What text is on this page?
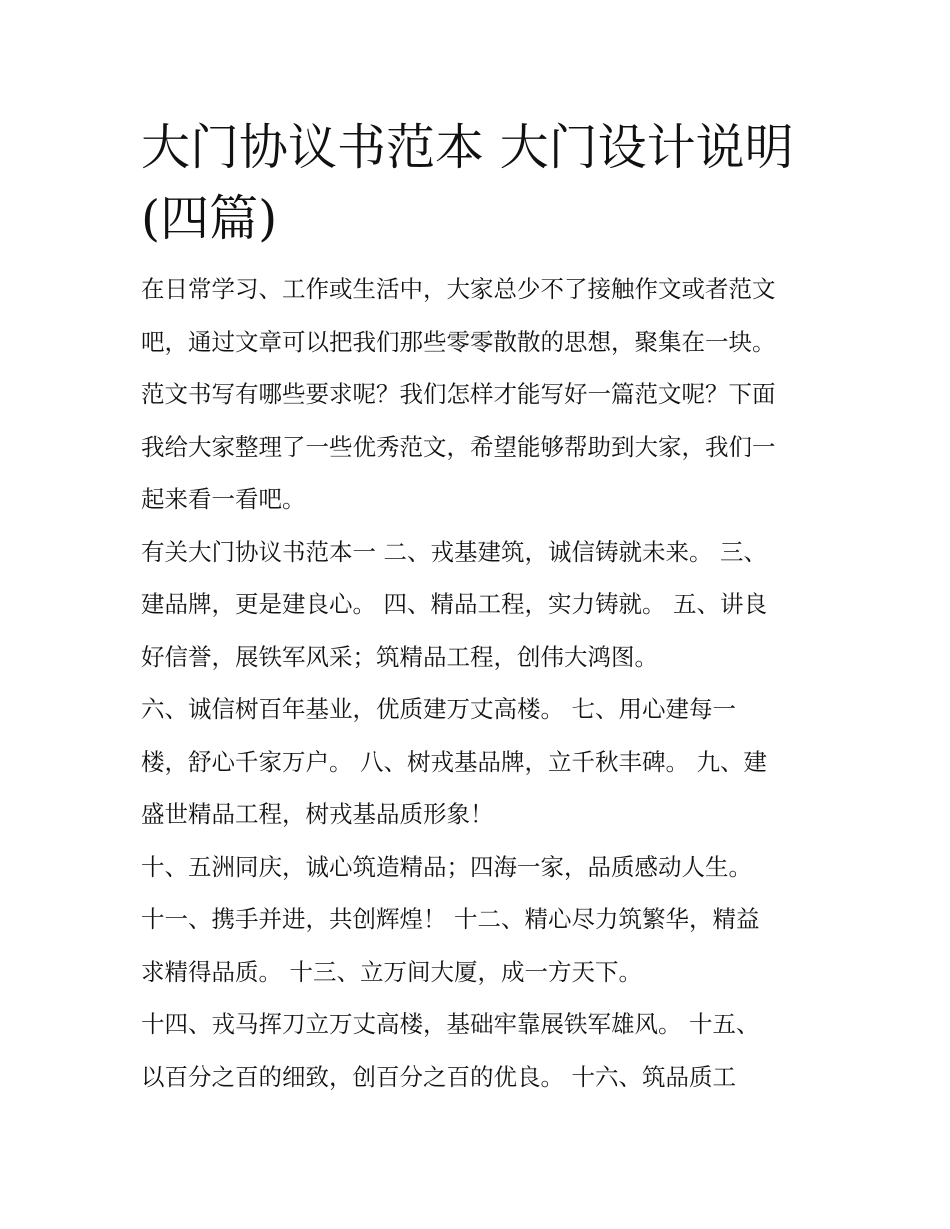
大门协议书范本 大门设计说明
(四篇)
在日常学习、工作或生活中，大家总少不了接触作文或者范文
吧，通过文章可以把我们那些零零散散的思想，聚集在一块。
范文书写有哪些要求呢？我们怎样才能写好一篇范文呢？下面
我给大家整理了一些优秀范文，希望能够帮助到大家，我们一
起来看一看吧。
有关大门协议书范本一 二、戎基建筑，诚信铸就未来。 三、
建品牌，更是建良心。 四、精品工程，实力铸就。 五、讲良
好信誉，展铁军风采；筑精品工程，创伟大鸿图。
六、诚信树百年基业，优质建万丈高楼。 七、用心建每一
楼，舒心千家万户。 八、树戎基品牌，立千秋丰碑。 九、建
盛世精品工程，树戎基品质形象！
十、五洲同庆，诚心筑造精品；四海一家，品质感动人生。
十一、携手并进，共创辉煌！ 十二、精心尽力筑繁华，精益
求精得品质。 十三、立万间大厦，成一方天下。
十四、戎马挥刀立万丈高楼，基础牢靠展铁军雄风。 十五、
以百分之百的细致，创百分之百的优良。 十六、筑品质工
